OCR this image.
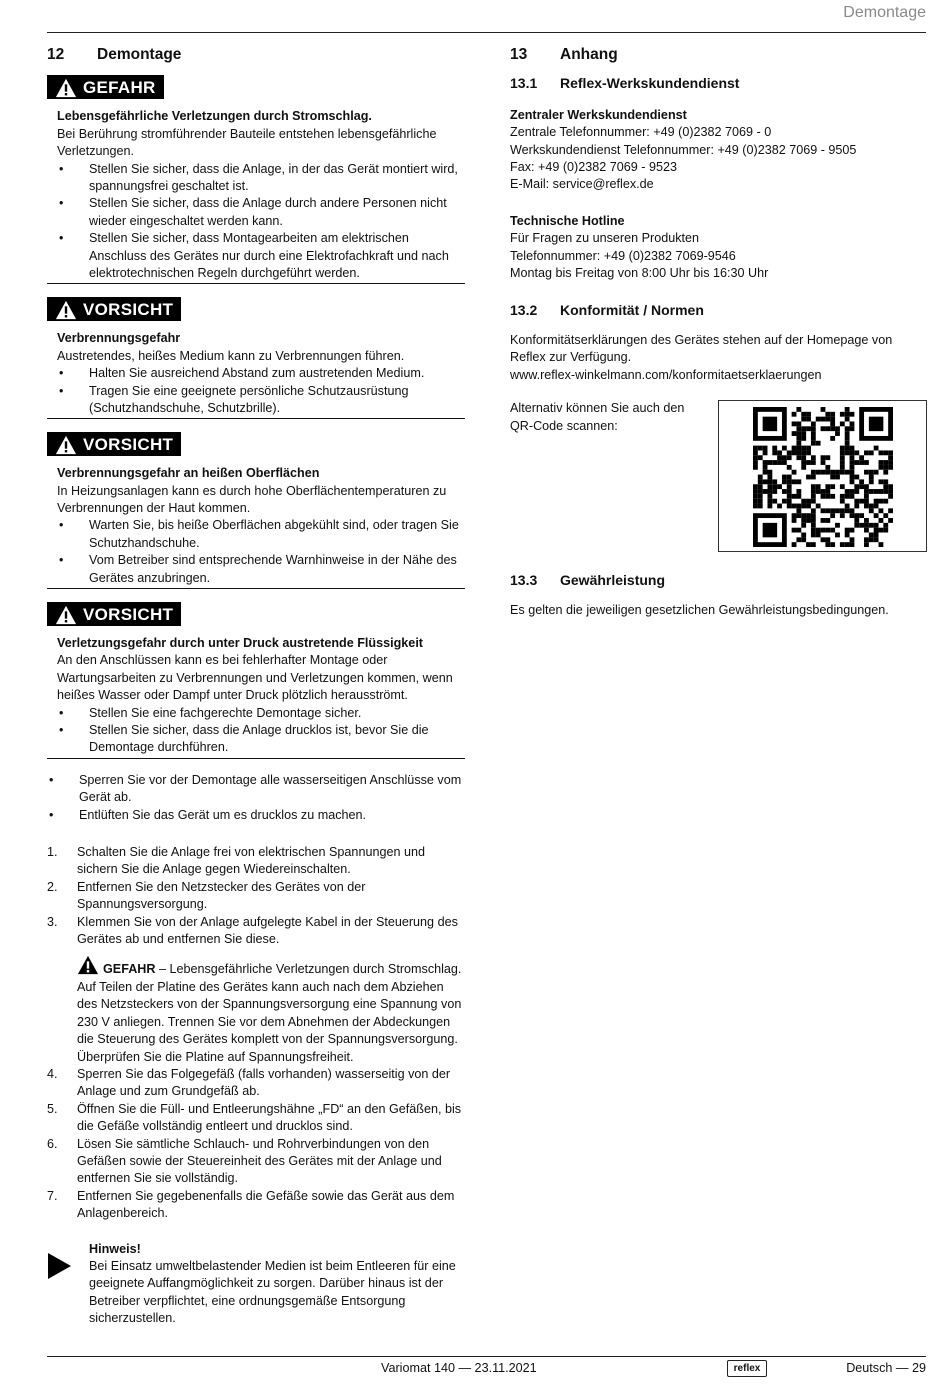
Demontage
12	Demontage
GEFAHR
Lebensgefährliche Verletzungen durch Stromschlag.

Bei Berührung stromführender Bauteile entstehen lebensgefährliche Verletzungen.

•	Stellen Sie sicher, dass die Anlage, in der das Gerät montiert wird, spannungsfrei geschaltet ist.
•	Stellen Sie sicher, dass die Anlage durch andere Personen nicht wieder eingeschaltet werden kann.
•	Stellen Sie sicher, dass Montagearbeiten am elektrischen Anschluss des Gerätes nur durch eine Elektrofachkraft und nach elektrotechnischen Regeln durchgeführt werden.
VORSICHT
Verbrennungsgefahr

Austretendes, heißes Medium kann zu Verbrennungen führen.

•	Halten Sie ausreichend Abstand zum austretenden Medium.
•	Tragen Sie eine geeignete persönliche Schutzausrüstung (Schutzhandschuhe, Schutzbrille).
VORSICHT
Verbrennungsgefahr an heißen Oberflächen

In Heizungsanlagen kann es durch hohe Oberflächentemperaturen zu Verbrennungen der Haut kommen.

•	Warten Sie, bis heiße Oberflächen abgekühlt sind, oder tragen Sie Schutzhandschuhe.
•	Vom Betreiber sind entsprechende Warnhinweise in der Nähe des Gerätes anzubringen.
VORSICHT
Verletzungsgefahr durch unter Druck austretende Flüssigkeit

An den Anschlüssen kann es bei fehlerhafter Montage oder Wartungsarbeiten zu Verbrennungen und Verletzungen kommen, wenn heißes Wasser oder Dampf unter Druck plötzlich herausströmt.

•	Stellen Sie eine fachgerechte Demontage sicher.
•	Stellen Sie sicher, dass die Anlage drucklos ist, bevor Sie die Demontage durchführen.
•	Sperren Sie vor der Demontage alle wasserseitigen Anschlüsse vom Gerät ab.
•	Entlüften Sie das Gerät um es drucklos zu machen.
1.	Schalten Sie die Anlage frei von elektrischen Spannungen und sichern Sie die Anlage gegen Wiedereinschalten.
2.	Entfernen Sie den Netzstecker des Gerätes von der Spannungsversorgung.
3.	Klemmen Sie von der Anlage aufgelegte Kabel in der Steuerung des Gerätes ab und entfernen Sie diese.
GEFAHR – Lebensgefährliche Verletzungen durch Stromschlag. Auf Teilen der Platine des Gerätes kann auch nach dem Abziehen des Netzsteckers von der Spannungsversorgung eine Spannung von 230 V anliegen. Trennen Sie vor dem Abnehmen der Abdeckungen die Steuerung des Gerätes komplett von der Spannungsversorgung. Überprüfen Sie die Platine auf Spannungsfreiheit.
4.	Sperren Sie das Folgegefäß (falls vorhanden) wasserseitig von der Anlage und zum Grundgefäß ab.
5.	Öffnen Sie die Füll- und Entleerungshähne „FD“ an den Gefäßen, bis die Gefäße vollständig entleert und drucklos sind.
6.	Lösen Sie sämtliche Schlauch- und Rohrverbindungen von den Gefäßen sowie der Steuereinheit des Gerätes mit der Anlage und entfernen Sie sie vollständig.
7.	Entfernen Sie gegebenenfalls die Gefäße sowie das Gerät aus dem Anlagenbereich.
Hinweis!

Bei Einsatz umweltbelastender Medien ist beim Entleeren für eine geeignete Auffangmöglichkeit zu sorgen. Darüber hinaus ist der Betreiber verpflichtet, eine ordnungsgemäße Entsorgung sicherzustellen.

13	Anhang
13.1	Reflex-Werkskundendienst
Zentraler Werkskundendienst
Zentrale Telefonnummer: +49 (0)2382 7069 - 0
Werkskundendienst Telefonnummer: +49 (0)2382 7069 - 9505
Fax: +49 (0)2382 7069 - 9523
E-Mail: service@reflex.de
Technische Hotline
Für Fragen zu unseren Produkten
Telefonnummer: +49 (0)2382 7069-9546
Montag bis Freitag von 8:00 Uhr bis 16:30 Uhr
13.2	Konformität / Normen

Konformitätserklärungen des Gerätes stehen auf der Homepage von Reflex zur Verfügung.

www.reflex-winkelmann.com/konformitaetserklaerungen

Alternativ können Sie auch den
QR-Code scannen:
13.3	Gewährleistung

Es gelten die jeweiligen gesetzlichen Gewährleistungsbedingungen.

Variomat 140 — 23.11.2021	reflex	Deutsch — 29
